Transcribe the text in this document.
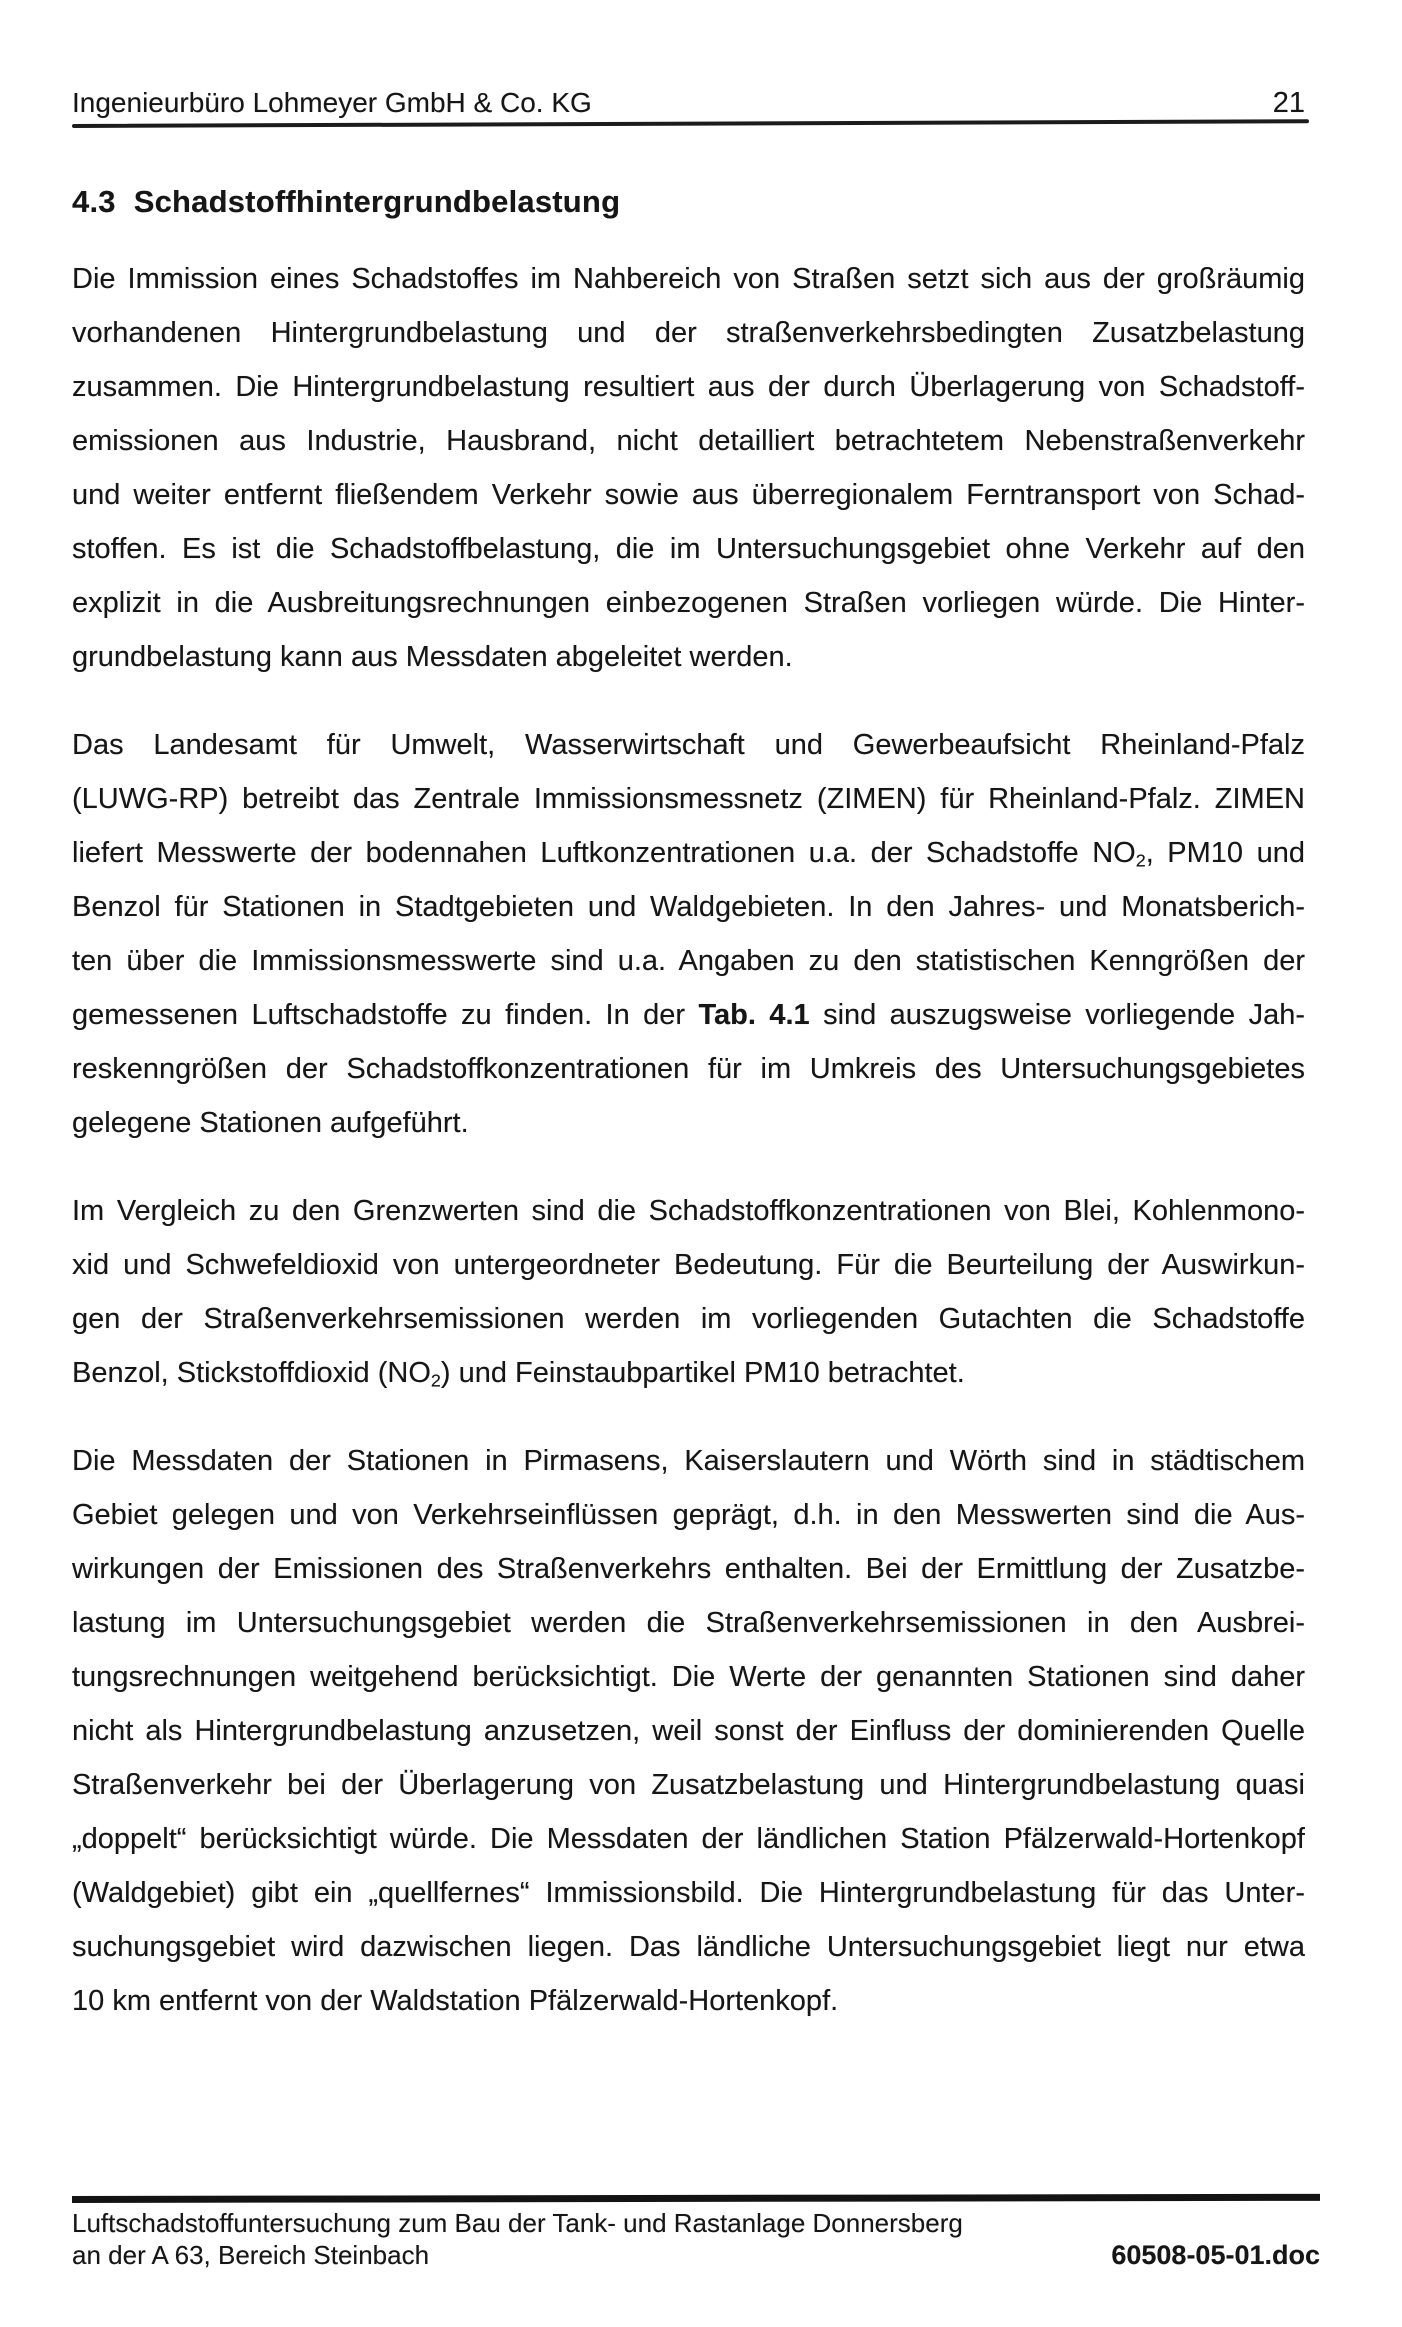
Ingenieurbüro Lohmeyer GmbH & Co. KG	21
4.3 Schadstoffhintergrundbelastung
Die Immission eines Schadstoffes im Nahbereich von Straßen setzt sich aus der großräumig
vorhandenen Hintergrundbelastung und der straßenverkehrsbedingten Zusatzbelastung
zusammen. Die Hintergrundbelastung resultiert aus der durch Überlagerung von Schadstoff-
emissionen aus Industrie, Hausbrand, nicht detailliert betrachtetem Nebenstraßenverkehr
und weiter entfernt fließendem Verkehr sowie aus überregionalem Ferntransport von Schad-
stoffen. Es ist die Schadstoffbelastung, die im Untersuchungsgebiet ohne Verkehr auf den
explizit in die Ausbreitungsrechnungen einbezogenen Straßen vorliegen würde. Die Hinter-
grundbelastung kann aus Messdaten abgeleitet werden.
Das Landesamt für Umwelt, Wasserwirtschaft und Gewerbeaufsicht Rheinland-Pfalz
(LUWG-RP) betreibt das Zentrale Immissionsmessnetz (ZIMEN) für Rheinland-Pfalz. ZIMEN
liefert Messwerte der bodennahen Luftkonzentrationen u.a. der Schadstoffe $NO_2$, PM10 und
Benzol für Stationen in Stadtgebieten und Waldgebieten. In den Jahres- und Monatsberich-
ten über die Immissionsmesswerte sind u.a. Angaben zu den statistischen Kenngrößen der
gemessenen Luftschadstoffe zu finden. In der Tab. 4.1 sind auszugsweise vorliegende Jah-
reskenngrößen der Schadstoffkonzentrationen für im Umkreis des Untersuchungsgebietes
gelegene Stationen aufgeführt.
Im Vergleich zu den Grenzwerten sind die Schadstoffkonzentrationen von Blei, Kohlenmono-
xid und Schwefeldioxid von untergeordneter Bedeutung. Für die Beurteilung der Auswirkun-
gen der Straßenverkehrsemissionen werden im vorliegenden Gutachten die Schadstoffe
Benzol, Stickstoffdioxid $(NO_2)$ und Feinstaubpartikel PM10 betrachtet.
Die Messdaten der Stationen in Pirmasens, Kaiserslautern und Wörth sind in städtischem
Gebiet gelegen und von Verkehrseinflüssen geprägt, d.h. in den Messwerten sind die Aus-
wirkungen der Emissionen des Straßenverkehrs enthalten. Bei der Ermittlung der Zusatzbe-
lastung im Untersuchungsgebiet werden die Straßenverkehrsemissionen in den Ausbrei-
tungsrechnungen weitgehend berücksichtigt. Die Werte der genannten Stationen sind daher
nicht als Hintergrundbelastung anzusetzen, weil sonst der Einfluss der dominierenden Quelle
Straßenverkehr bei der Überlagerung von Zusatzbelastung und Hintergrundbelastung quasi
„doppelt“ berücksichtigt würde. Die Messdaten der ländlichen Station Pfälzerwald-Hortenkopf
(Waldgebiet) gibt ein „quellfernes“ Immissionsbild. Die Hintergrundbelastung für das Unter-
suchungsgebiet wird dazwischen liegen. Das ländliche Untersuchungsgebiet liegt nur etwa
10 km entfernt von der Waldstation Pfälzerwald-Hortenkopf.
Luftschadstoffuntersuchung zum Bau der Tank- und Rastanlage Donnersberg
an der A 63, Bereich Steinbach	60508-05-01.doc
